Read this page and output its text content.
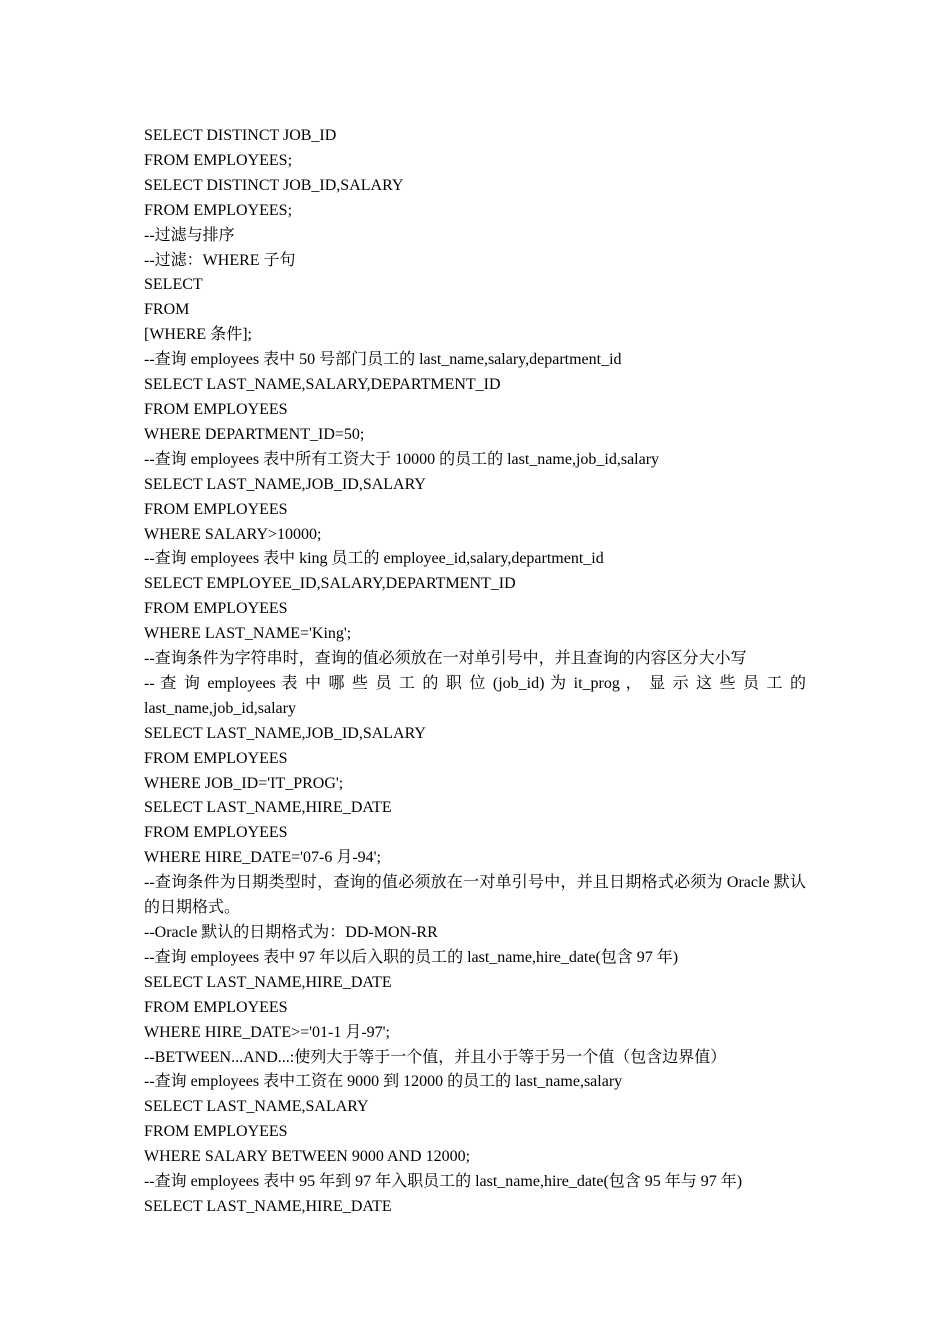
SELECT DISTINCT JOB_ID
FROM EMPLOYEES;
SELECT DISTINCT JOB_ID,SALARY
FROM EMPLOYEES;
--过滤与排序
--过滤：WHERE 子句
SELECT
FROM
[WHERE 条件];
--查询 employees 表中 50 号部门员工的 last_name,salary,department_id
SELECT LAST_NAME,SALARY,DEPARTMENT_ID
FROM EMPLOYEES
WHERE DEPARTMENT_ID=50;
--查询 employees 表中所有工资大于 10000 的员工的 last_name,job_id,salary
SELECT LAST_NAME,JOB_ID,SALARY
FROM EMPLOYEES
WHERE SALARY>10000;
--查询 employees 表中 king 员工的 employee_id,salary,department_id
SELECT EMPLOYEE_ID,SALARY,DEPARTMENT_ID
FROM EMPLOYEES
WHERE LAST_NAME='King';
--查询条件为字符串时，查询的值必须放在一对单引号中，并且查询的内容区分大小写
-- 查 询 employees 表 中 哪 些 员 工 的 职 位 (job_id) 为 it_prog ， 显 示 这 些 员 工 的 last_name,job_id,salary
SELECT LAST_NAME,JOB_ID,SALARY
FROM EMPLOYEES
WHERE JOB_ID='IT_PROG';
SELECT LAST_NAME,HIRE_DATE
FROM EMPLOYEES
WHERE HIRE_DATE='07-6 月-94';
--查询条件为日期类型时，查询的值必须放在一对单引号中，并且日期格式必须为 Oracle 默认的日期格式。
--Oracle 默认的日期格式为：DD-MON-RR
--查询 employees 表中 97 年以后入职的员工的 last_name,hire_date(包含 97 年)
SELECT LAST_NAME,HIRE_DATE
FROM EMPLOYEES
WHERE HIRE_DATE>='01-1 月-97';
--BETWEEN...AND...:使列大于等于一个值，并且小于等于另一个值（包含边界值）
--查询 employees 表中工资在 9000 到 12000 的员工的 last_name,salary
SELECT LAST_NAME,SALARY
FROM EMPLOYEES
WHERE SALARY BETWEEN 9000 AND 12000;
--查询 employees 表中 95 年到 97 年入职员工的 last_name,hire_date(包含 95 年与 97 年)
SELECT LAST_NAME,HIRE_DATE
